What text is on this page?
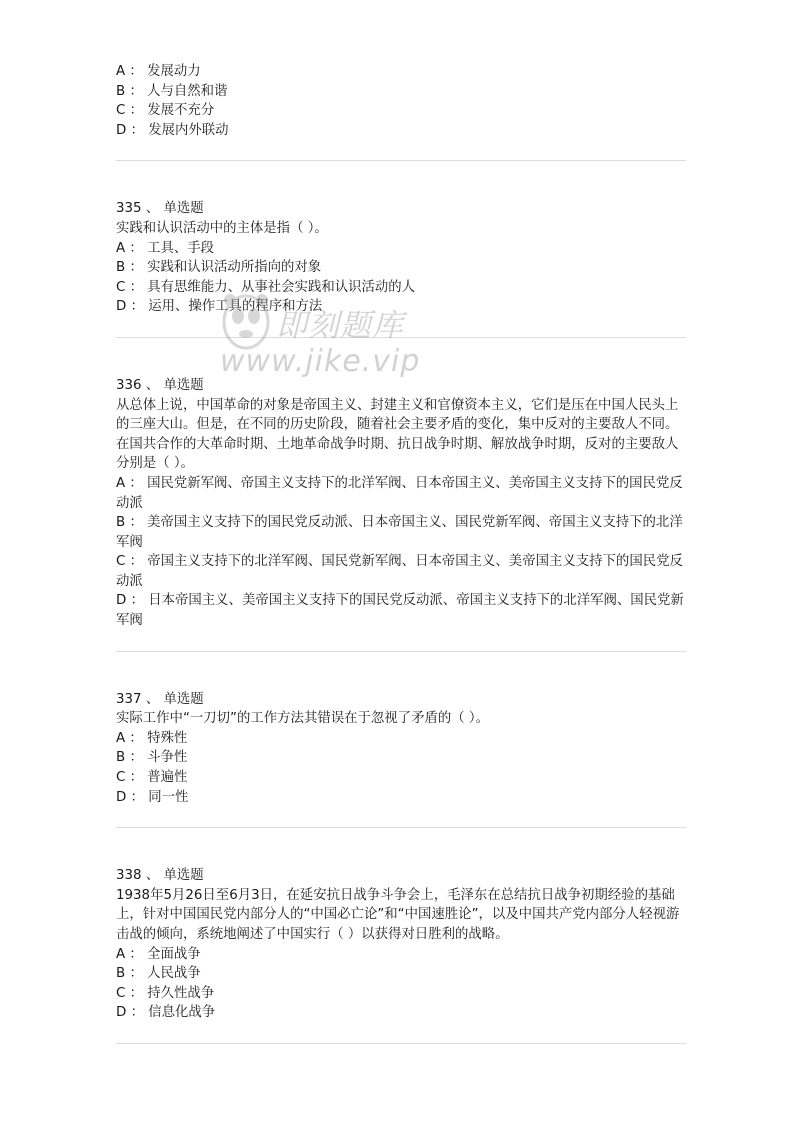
A ： 发展动力
B ： 人与自然和谐
C ： 发展不充分
D ： 发展内外联动
335 、 单选题
实践和认识活动中的主体是指（ ）。
A ： 工具、手段
B ： 实践和认识活动所指向的对象
C ： 具有思维能力、从事社会实践和认识活动的人
D ： 运用、操作工具的程序和方法
336 、 单选题
从总体上说，中国革命的对象是帝国主义、封建主义和官僚资本主义，它们是压在中国人民头上的三座大山。但是，在不同的历史阶段，随着社会主要矛盾的变化，集中反对的主要敌人不同。在国共合作的大革命时期、土地革命战争时期、抗日战争时期、解放战争时期，反对的主要敌人分别是（ ）。
A ： 国民党新军阀、帝国主义支持下的北洋军阀、日本帝国主义、美帝国主义支持下的国民党反动派
B ： 美帝国主义支持下的国民党反动派、日本帝国主义、国民党新军阀、帝国主义支持下的北洋军阀
C ： 帝国主义支持下的北洋军阀、国民党新军阀、日本帝国主义、美帝国主义支持下的国民党反动派
D ： 日本帝国主义、美帝国主义支持下的国民党反动派、帝国主义支持下的北洋军阀、国民党新军阀
337 、 单选题
实际工作中“一刀切”的工作方法其错误在于忽视了矛盾的（ ）。
A ： 特殊性
B ： 斗争性
C ： 普遍性
D ： 同一性
338 、 单选题
1938年5月26日至6月3日，在延安抗日战争斗争会上，毛泽东在总结抗日战争初期经验的基础上，针对中国国民党内部分人的“中国必亡论”和“中国速胜论”，以及中国共产党内部分人轻视游击战的倾向，系统地阐述了中国实行（ ）以获得对日胜利的战略。
A ： 全面战争
B ： 人民战争
C ： 持久性战争
D ： 信息化战争
即刻题库
www.jike.vip
